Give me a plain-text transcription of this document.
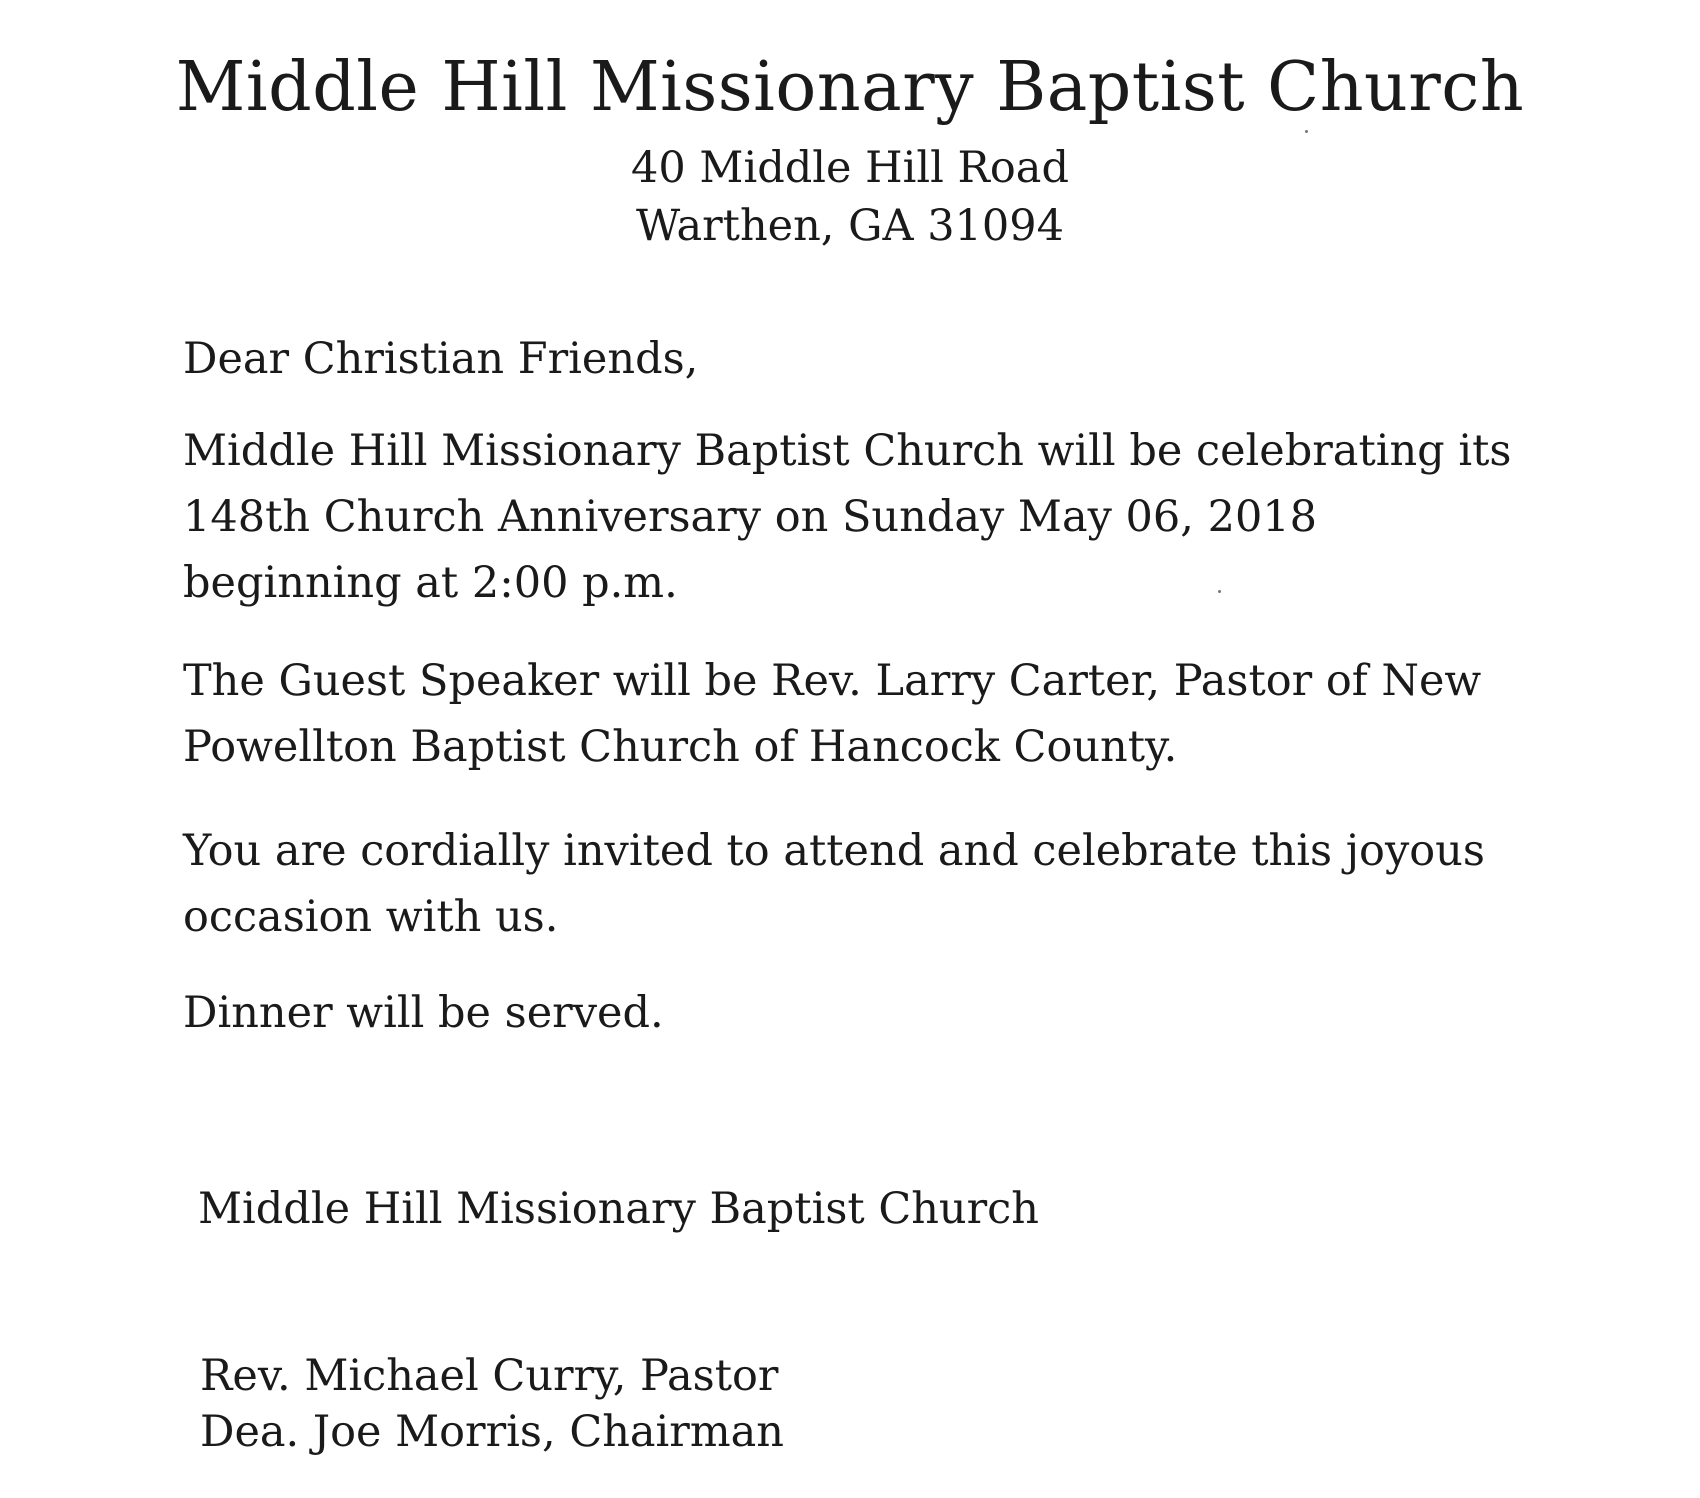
Middle Hill Missionary Baptist Church
40 Middle Hill Road
Warthen, GA 31094

Dear Christian Friends,

Middle Hill Missionary Baptist Church will be celebrating its 148th Church Anniversary on Sunday May 06, 2018 beginning at 2:00 p.m.

The Guest Speaker will be Rev. Larry Carter, Pastor of New Powellton Baptist Church of Hancock County.

You are cordially invited to attend and celebrate this joyous occasion with us.

Dinner will be served.

Middle Hill Missionary Baptist Church

Rev. Michael Curry, Pastor

Dea. Joe Morris, Chairman
